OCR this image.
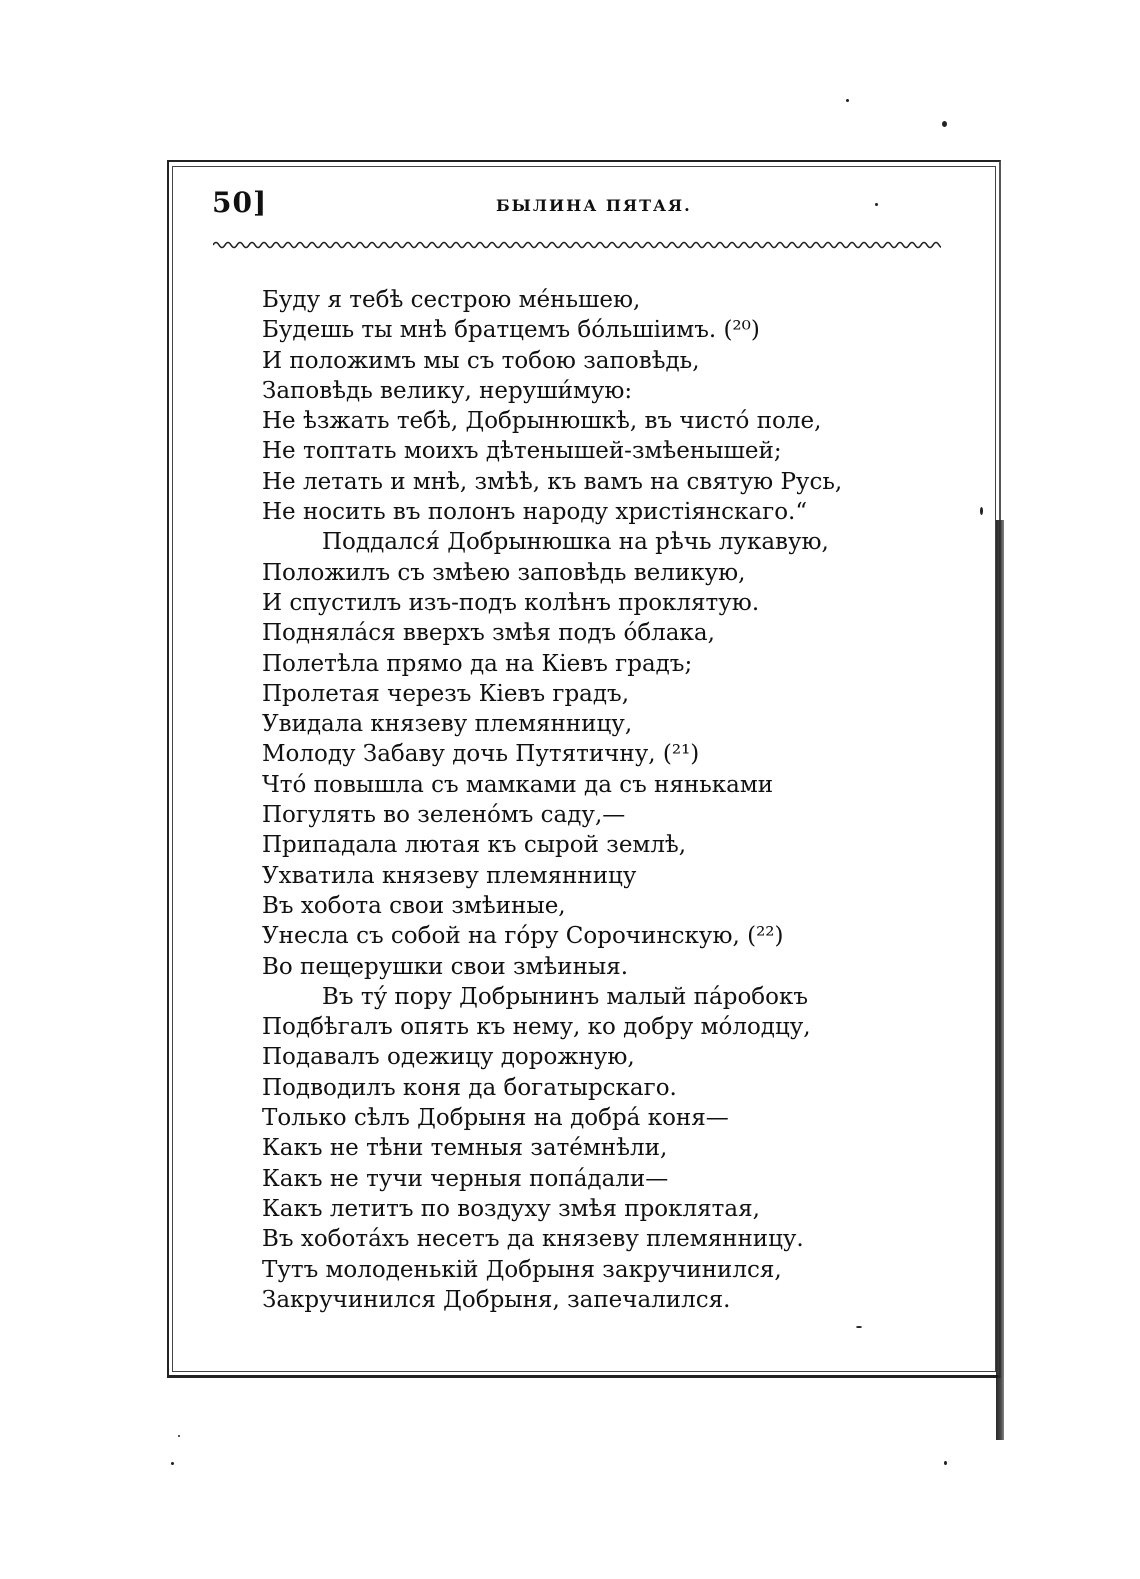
50]	БЫЛИНА ПЯТАЯ.
Буду я тебѣ сестрою ме́ньшею,
Будешь ты мнѣ братцемъ бо́льшiимъ. (²⁰)
И положимъ мы съ тобою заповѣдь,
Заповѣдь велику, неруши́мую:
Не ѣзжать тебѣ, Добрынюшкѣ, въ чисто́ поле,
Не топтать моихъ дѣтенышей-змѣенышей;
Не летать и мнѣ, змѣѣ, къ вамъ на святую Русь,
Не носить въ полонъ народу христiянскаго.“
Поддался́ Добрынюшка на рѣчь лукавую,
Положилъ съ змѣею заповѣдь великую,
И спустилъ изъ-подъ колѣнъ проклятую.
Поднялáся вверхъ змѣя подъ о́блака,
Полетѣла прямо да на Кiевъ градъ;
Пролетая черезъ Кiевъ градъ,
Увидала князеву племянницу,
Молоду Забаву дочь Путятичну, (²¹)
Что́ повышла съ мамками да съ няньками
Погулять во зелено́мъ саду,—
Припадала лютая къ сырой землѣ,
Ухватила князеву племянницу
Въ хобота свои змѣиные,
Унесла съ собой на го́ру Сорочинскую, (²²)
Во пещерушки свои змѣиныя.
Въ ту́ пору Добрынинъ малый пáробокъ
Подбѣгалъ опять къ нему, ко добру мо́лодцу,
Подавалъ одежицу дорожную,
Подводилъ коня да богатырскаго.
Только сѣлъ Добрыня на добрá коня—
Какъ не тѣни темныя зате́мнѣли,
Какъ не тучи черныя попáдали—
Какъ летитъ по воздуху змѣя проклятая,
Въ хоботáхъ несетъ да князеву племянницу.
Тутъ молоденькiй Добрыня закручинился,
Закручинился Добрыня, запечалился.
